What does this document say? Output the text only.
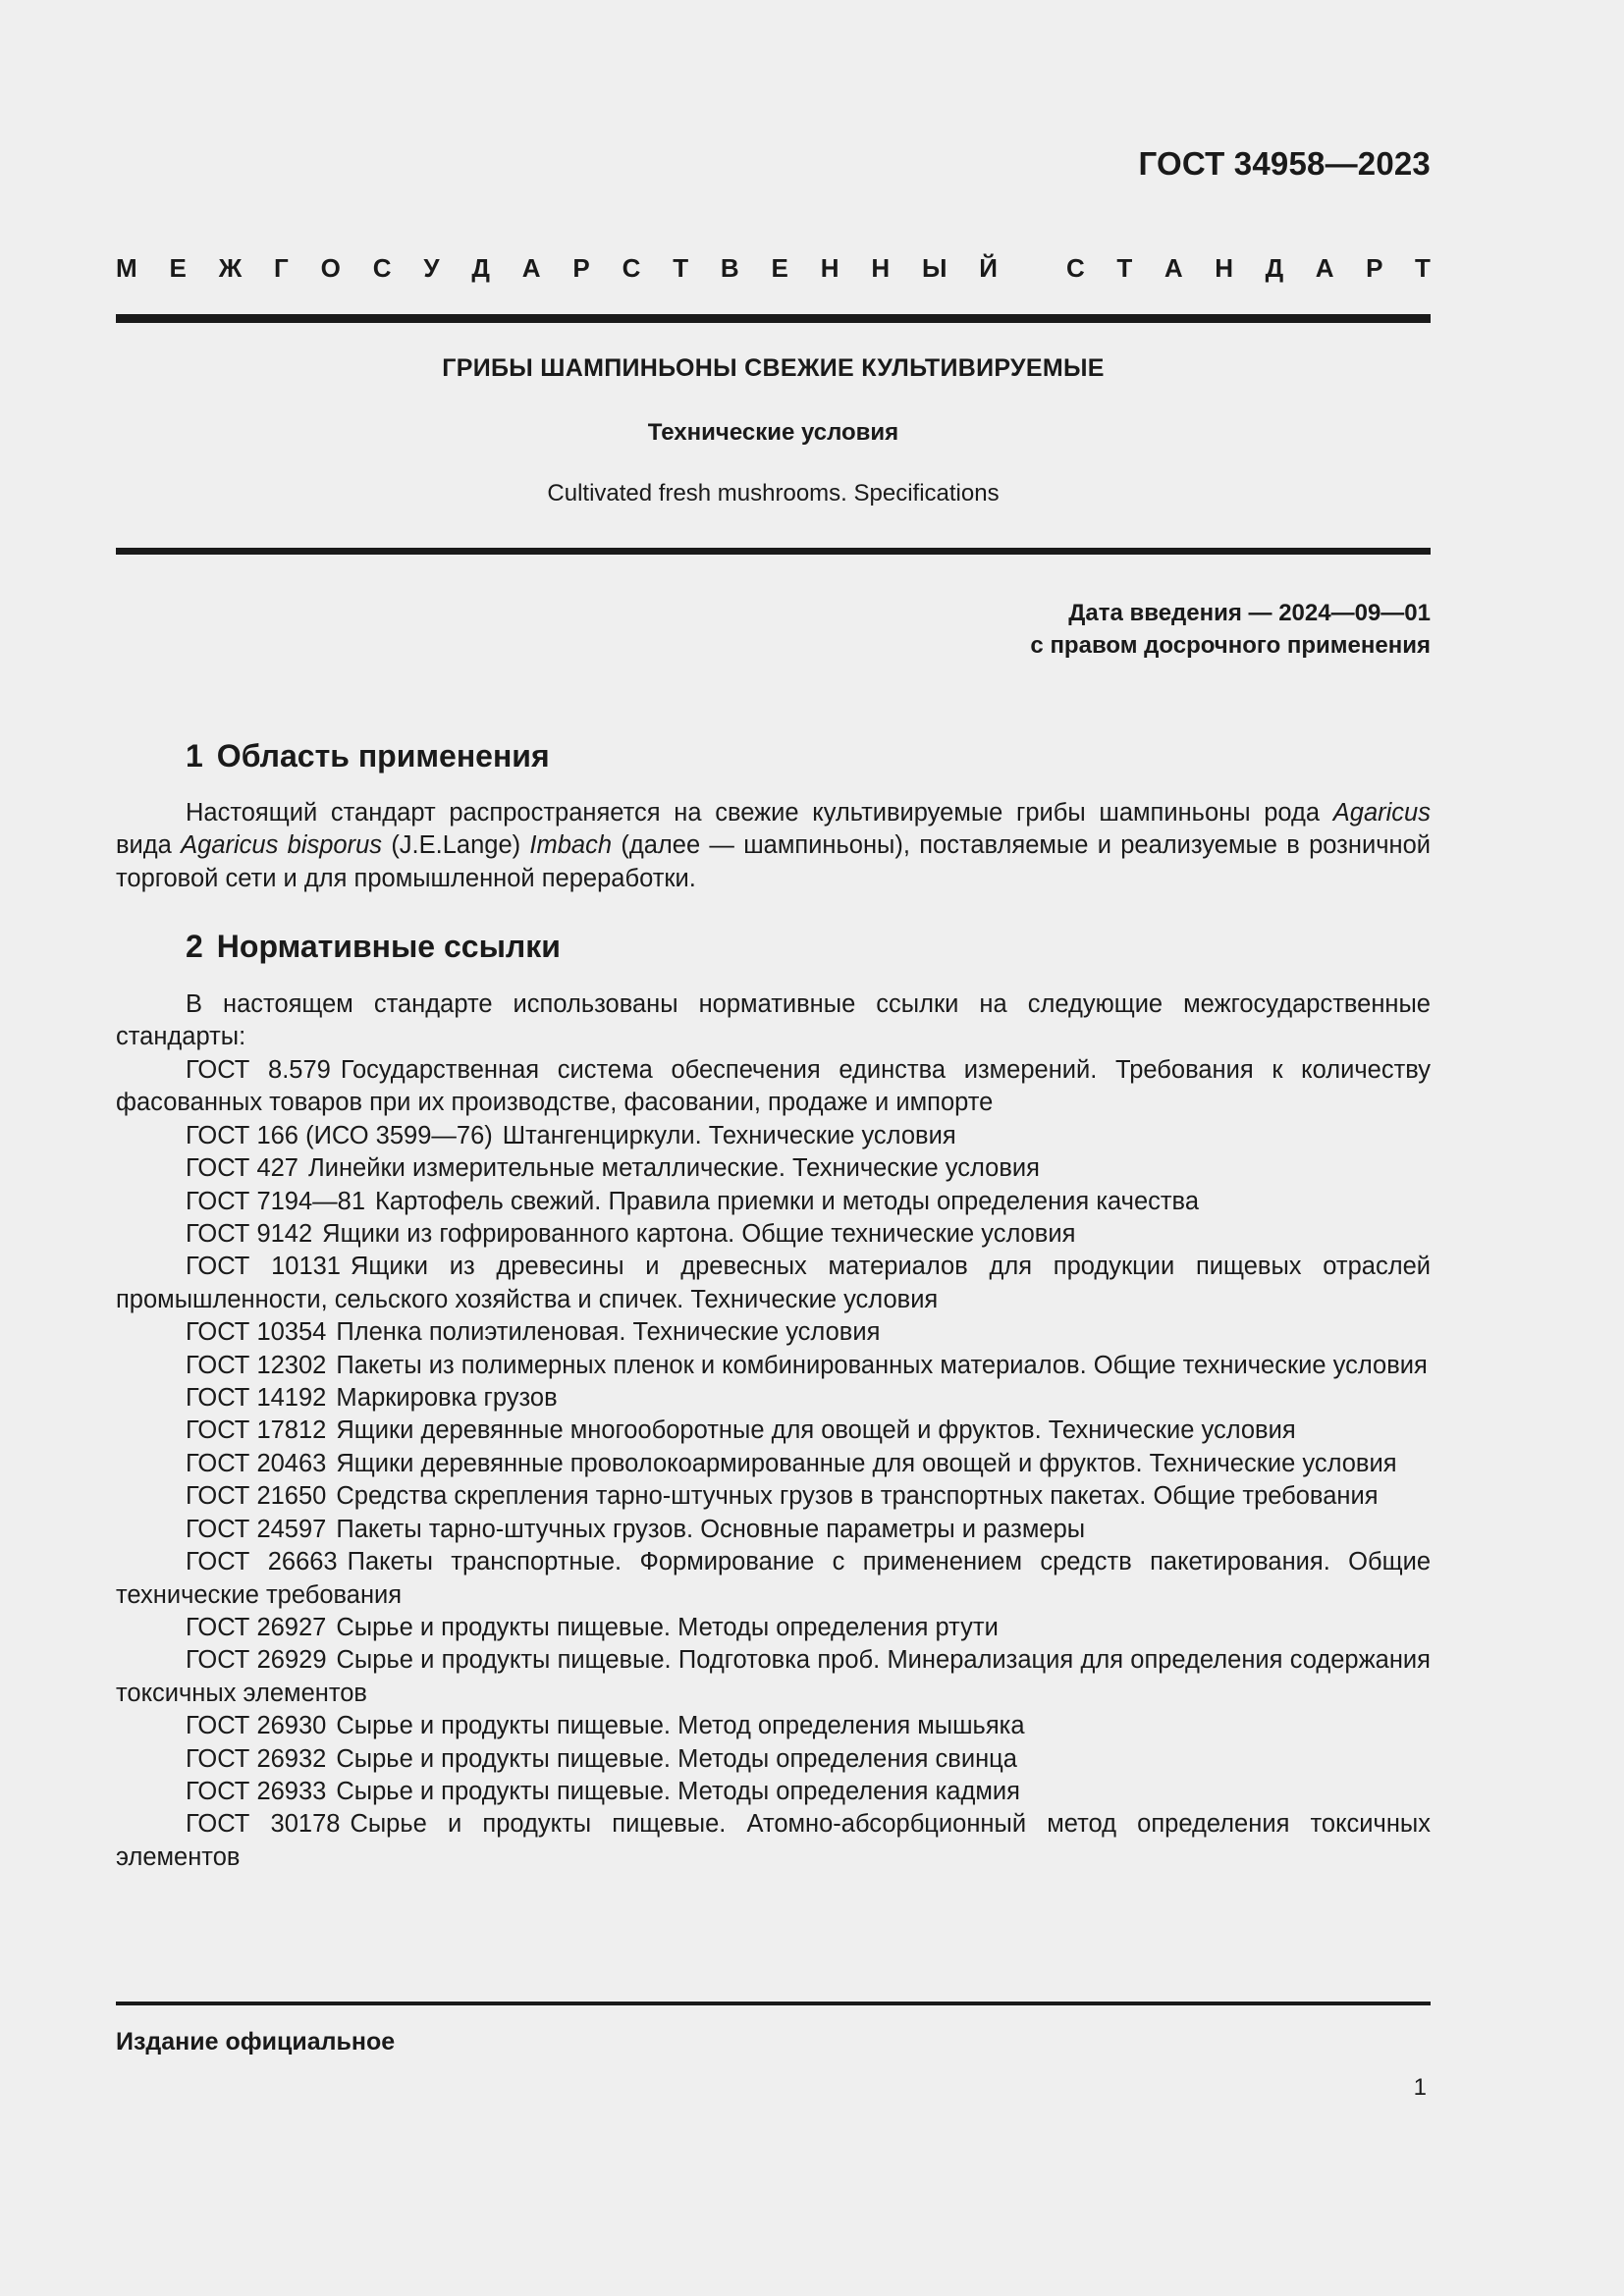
ГОСТ 34958—2023
М Е Ж Г О С У Д А Р С Т В Е Н Н Ы Й	С Т А Н Д А Р Т
ГРИБЫ ШАМПИНЬОНЫ СВЕЖИЕ КУЛЬТИВИРУЕМЫЕ
Технические условия
Cultivated fresh mushrooms. Specifications
Дата введения — 2024—09—01
с правом досрочного применения
1 Область применения
Настоящий стандарт распространяется на свежие культивируемые грибы шампиньоны рода Agaricus вида Agaricus bisporus (J.E.Lange) Imbach (далее — шампиньоны), поставляемые и реализуемые в розничной торговой сети и для промышленной переработки.
2 Нормативные ссылки
В настоящем стандарте использованы нормативные ссылки на следующие межгосударственные стандарты:
ГОСТ 8.579 Государственная система обеспечения единства измерений. Требования к количеству фасованных товаров при их производстве, фасовании, продаже и импорте
ГОСТ 166 (ИСО 3599—76) Штангенциркули. Технические условия
ГОСТ 427 Линейки измерительные металлические. Технические условия
ГОСТ 7194—81 Картофель свежий. Правила приемки и методы определения качества
ГОСТ 9142 Ящики из гофрированного картона. Общие технические условия
ГОСТ 10131 Ящики из древесины и древесных материалов для продукции пищевых отраслей промышленности, сельского хозяйства и спичек. Технические условия
ГОСТ 10354 Пленка полиэтиленовая. Технические условия
ГОСТ 12302 Пакеты из полимерных пленок и комбинированных материалов. Общие технические условия
ГОСТ 14192 Маркировка грузов
ГОСТ 17812 Ящики деревянные многооборотные для овощей и фруктов. Технические условия
ГОСТ 20463 Ящики деревянные проволокоармированные для овощей и фруктов. Технические условия
ГОСТ 21650 Средства скрепления тарно-штучных грузов в транспортных пакетах. Общие требования
ГОСТ 24597 Пакеты тарно-штучных грузов. Основные параметры и размеры
ГОСТ 26663 Пакеты транспортные. Формирование с применением средств пакетирования. Общие технические требования
ГОСТ 26927 Сырье и продукты пищевые. Методы определения ртути
ГОСТ 26929 Сырье и продукты пищевые. Подготовка проб. Минерализация для определения содержания токсичных элементов
ГОСТ 26930 Сырье и продукты пищевые. Метод определения мышьяка
ГОСТ 26932 Сырье и продукты пищевые. Методы определения свинца
ГОСТ 26933 Сырье и продукты пищевые. Методы определения кадмия
ГОСТ 30178 Сырье и продукты пищевые. Атомно-абсорбционный метод определения токсичных элементов
Издание официальное
1
